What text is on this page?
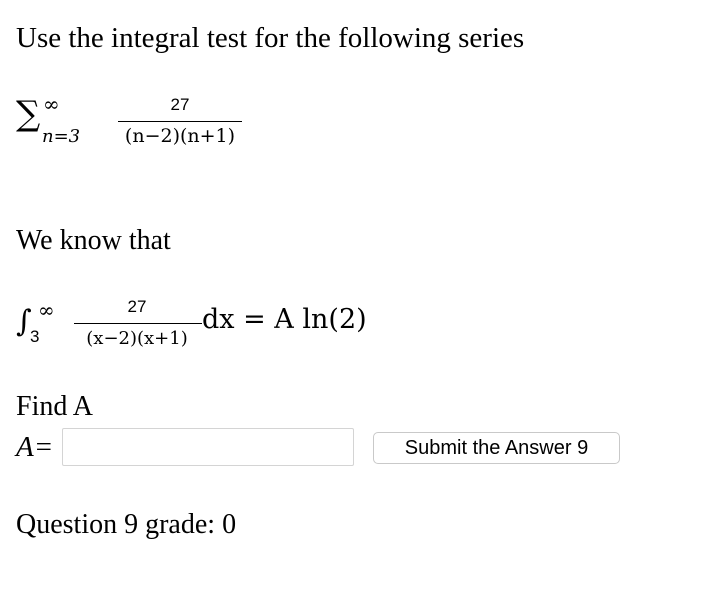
Use the integral test for the following series
∑ ∞
n=3
27
(n−2)(n+1)
We know that
∫ ∞
3
27
(x−2)(x+1)
dx = A ln(2)
Find A
A=	Submit the Answer 9
Question 9 grade: 0
